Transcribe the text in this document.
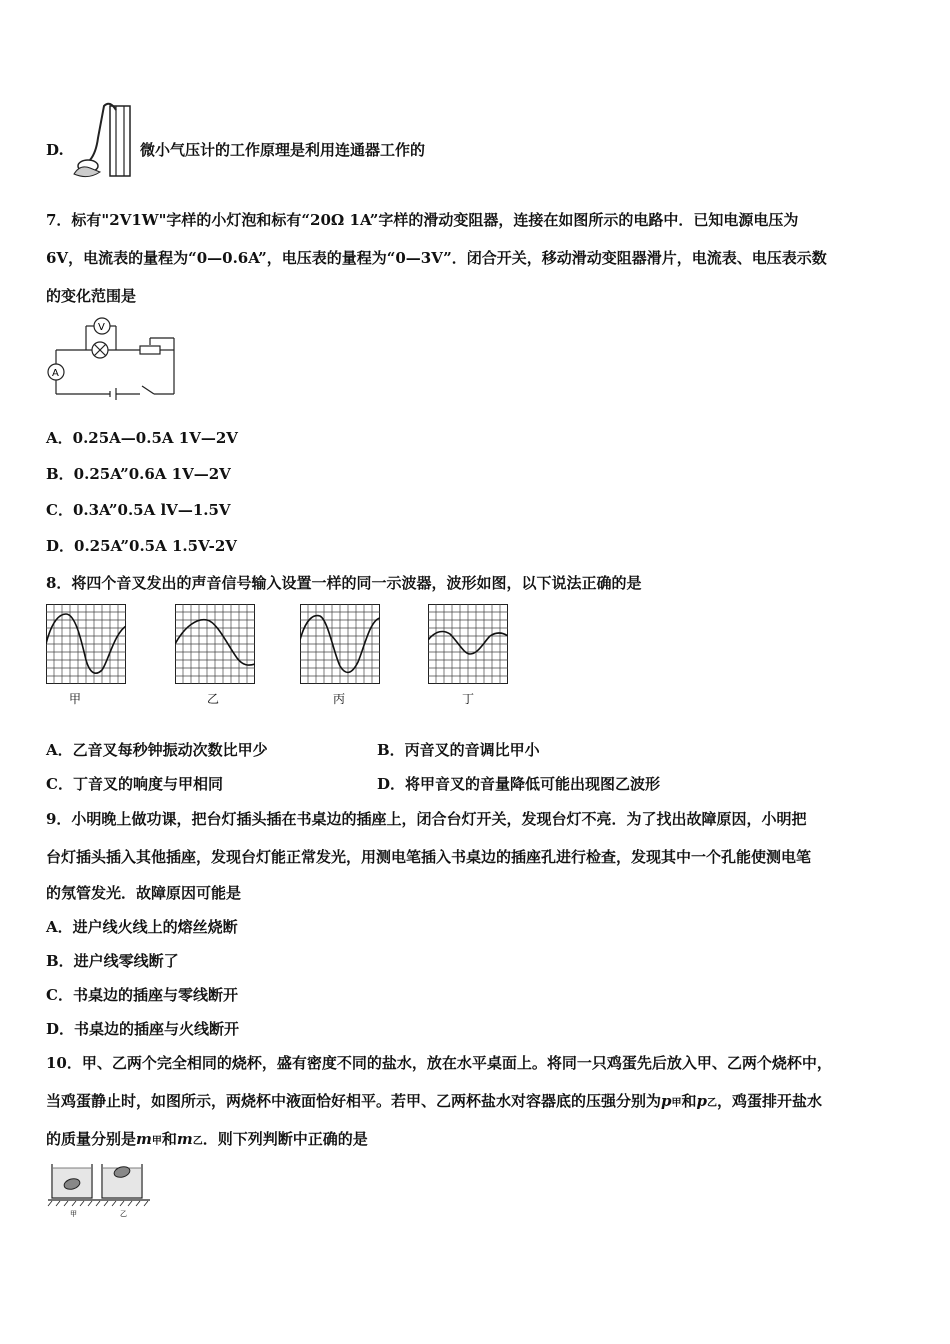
D.	微小气压计的工作原理是利用连通器工作的
7．标有"2V1W"字样的小灯泡和标有“20Ω 1A”字样的滑动变阻器，连接在如图所示的电路中．已知电源电压为
6V，电流表的量程为“0—0.6A”，电压表的量程为“0—3V”．闭合开关，移动滑动变阻器滑片，电流表、电压表示数
的变化范围是
V
A
A．0.25A—0.5A 1V—2V
B．0.25A”0.6A 1V—2V
C．0.3A”0.5A lV—1.5V
D．0.25A”0.5A 1.5V-2V
8．将四个音叉发出的声音信号输入设置一样的同一示波器，波形如图，以下说法正确的是
甲	乙	丙	丁
A．乙音叉每秒钟振动次数比甲少	B．丙音叉的音调比甲小
C．丁音叉的响度与甲相同	D．将甲音叉的音量降低可能出现图乙波形
9．小明晚上做功课，把台灯插头插在书桌边的插座上，闭合台灯开关，发现台灯不亮．为了找出故障原因，小明把
台灯插头插入其他插座，发现台灯能正常发光，用测电笔插入书桌边的插座孔进行检查，发现其中一个孔能使测电笔
的氖管发光．故障原因可能是
A．进户线火线上的熔丝烧断
B．进户线零线断了
C．书桌边的插座与零线断开
D．书桌边的插座与火线断开
10．甲、乙两个完全相同的烧杯，盛有密度不同的盐水，放在水平桌面上。将同一只鸡蛋先后放入甲、乙两个烧杯中，
当鸡蛋静止时，如图所示，两烧杯中液面恰好相平。若甲、乙两杯盐水对容器底的压强分别为p甲和p乙，鸡蛋排开盐水
的质量分别是m甲和m乙．则下列判断中正确的是
甲	乙
